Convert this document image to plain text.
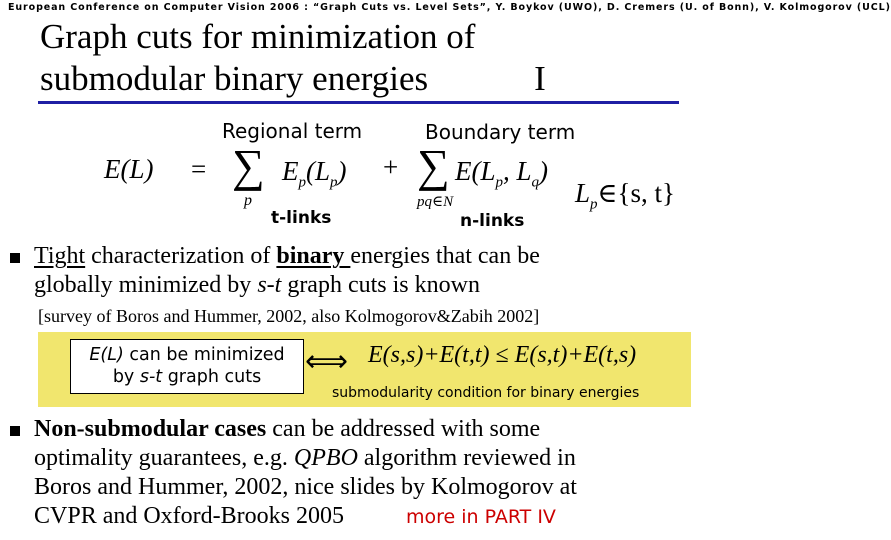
European Conference on Computer Vision 2006 : “Graph Cuts vs. Level Sets”, Y. Boykov (UWO), D. Cremers (U. of Bonn), V. Kolmogorov (UCL)
Graph cuts for minimization of
submodular binary energies	I
Regional term	Boundary term
E(L) = ∑
p
$E_p(L_p)$ + ∑
pq∈N
$E(L_p$, $L_q$)
$L_p\in\{s$, t}
t-links	n-links
Tight characterization of binary energies that can be
globally minimized by s-t graph cuts is known
[survey of Boros and Hummer, 2002, also Kolmogorov&Zabih 2002]
E(L) can be minimized
by s-t graph cuts	⟺ E(s,s)+E(t,t) ≤ E(s,t)+E(t,s)
submodularity condition for binary energies
Non-submodular cases can be addressed with some
optimality guarantees, e.g. QPBO algorithm reviewed in
Boros and Hummer, 2002, nice slides by Kolmogorov at
CVPR and Oxford-Brooks 2005	more in PART IV
